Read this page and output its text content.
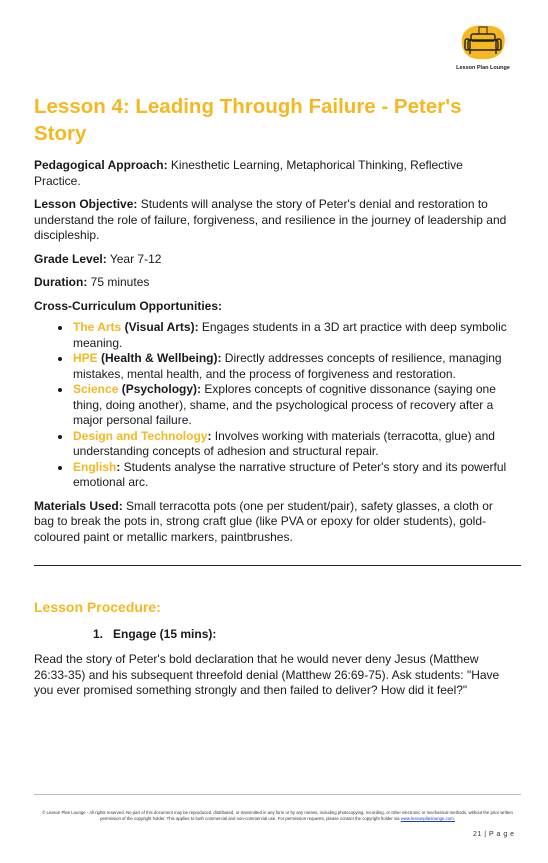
Lesson Plan Lounge
Lesson 4: Leading Through Failure - Peter's Story

Pedagogical Approach: Kinesthetic Learning, Metaphorical Thinking, Reflective Practice.

Lesson Objective: Students will analyse the story of Peter's denial and restoration to understand the role of failure, forgiveness, and resilience in the journey of leadership and discipleship.

Grade Level: Year 7-12

Duration: 75 minutes

Cross-Curriculum Opportunities:
The Arts (Visual Arts): Engages students in a 3D art practice with deep symbolic meaning.
HPE (Health & Wellbeing): Directly addresses concepts of resilience, managing mistakes, mental health, and the process of forgiveness and restoration.
Science (Psychology): Explores concepts of cognitive dissonance (saying one thing, doing another), shame, and the psychological process of recovery after a major personal failure.
Design and Technology: Involves working with materials (terracotta, glue) and understanding concepts of adhesion and structural repair.
English: Students analyse the narrative structure of Peter's story and its powerful emotional arc.

Materials Used: Small terracotta pots (one per student/pair), safety glasses, a cloth or bag to break the pots in, strong craft glue (like PVA or epoxy for older students), gold-coloured paint or metallic markers, paintbrushes.

Lesson Procedure:
1. Engage (15 mins):
Read the story of Peter's bold declaration that he would never deny Jesus (Matthew 26:33-35) and his subsequent threefold denial (Matthew 26:69-75). Ask students: "Have you ever promised something strongly and then failed to deliver? How did it feel?"
© Lesson Plan Lounge - All rights reserved. No part of this document may be reproduced, distributed, or transmitted in any form or by any means, including photocopying, recording, or other electronic or mechanical methods, without the prior written permission of the copyright holder. This applies to both commercial and non-commercial use. For permission requests, please contact the copyright holder via www.lessonplanlounge.com.
21 | P a g e
